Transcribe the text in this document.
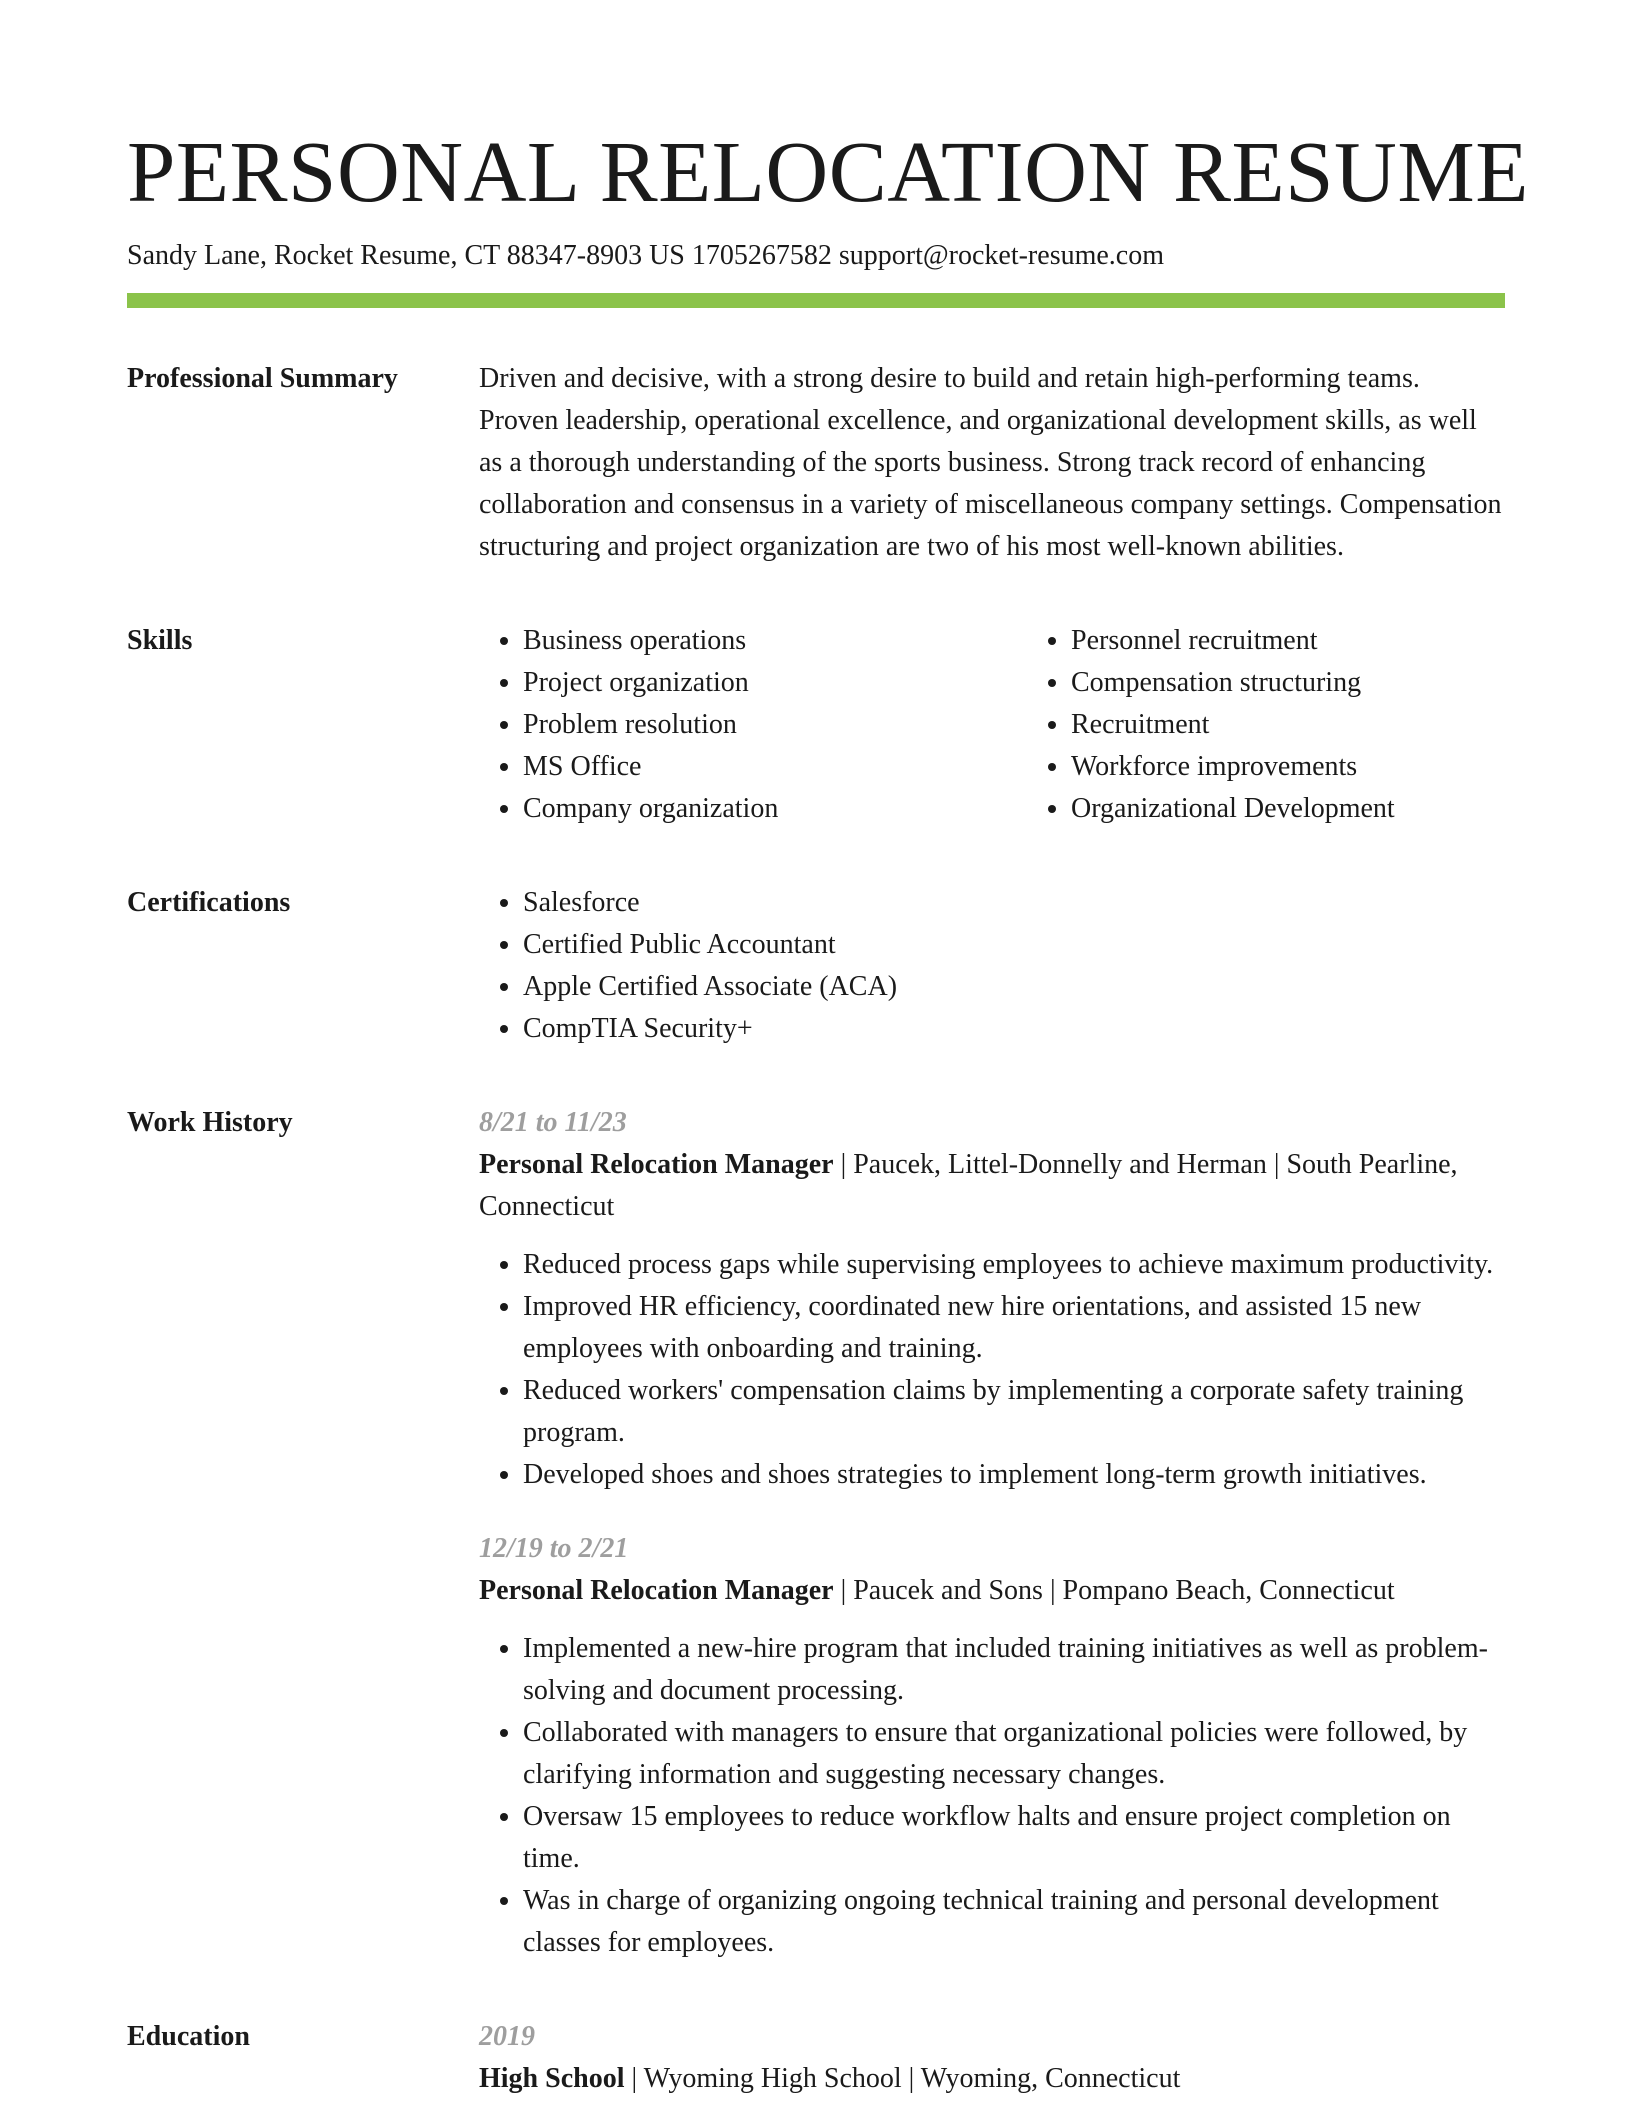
PERSONAL RELOCATION RESUME
Sandy Lane, Rocket Resume, CT 88347-8903 US 1705267582 support@rocket-resume.com
Professional Summary	Driven and decisive, with a strong desire to build and retain high-performing teams. Proven leadership, operational excellence, and organizational development skills, as well as a thorough understanding of the sports business. Strong track record of enhancing collaboration and consensus in a variety of miscellaneous company settings. Compensation structuring and project organization are two of his most well-known abilities.

Skills	• Business operations
• Project organization
• Problem resolution
• MS Office
• Company organization
• Personnel recruitment
• Compensation structuring
• Recruitment
• Workforce improvements
• Organizational Development
Certifications	• Salesforce
• Certified Public Accountant
• Apple Certified Associate (ACA)
• CompTIA Security+
Work History	8/21 to 11/23
Personal Relocation Manager | Paucek, Littel-Donnelly and Herman | South Pearline, Connecticut
• Reduced process gaps while supervising employees to achieve maximum productivity.
• Improved HR efficiency, coordinated new hire orientations, and assisted 15 new employees with onboarding and training.
• Reduced workers' compensation claims by implementing a corporate safety training program.
• Developed shoes and shoes strategies to implement long-term growth initiatives.
12/19 to 2/21
Personal Relocation Manager | Paucek and Sons | Pompano Beach, Connecticut
• Implemented a new-hire program that included training initiatives as well as problem-solving and document processing.
• Collaborated with managers to ensure that organizational policies were followed, by clarifying information and suggesting necessary changes.
• Oversaw 15 employees to reduce workflow halts and ensure project completion on time.
• Was in charge of organizing ongoing technical training and personal development classes for employees.
Education	2019
High School | Wyoming High School | Wyoming, Connecticut
